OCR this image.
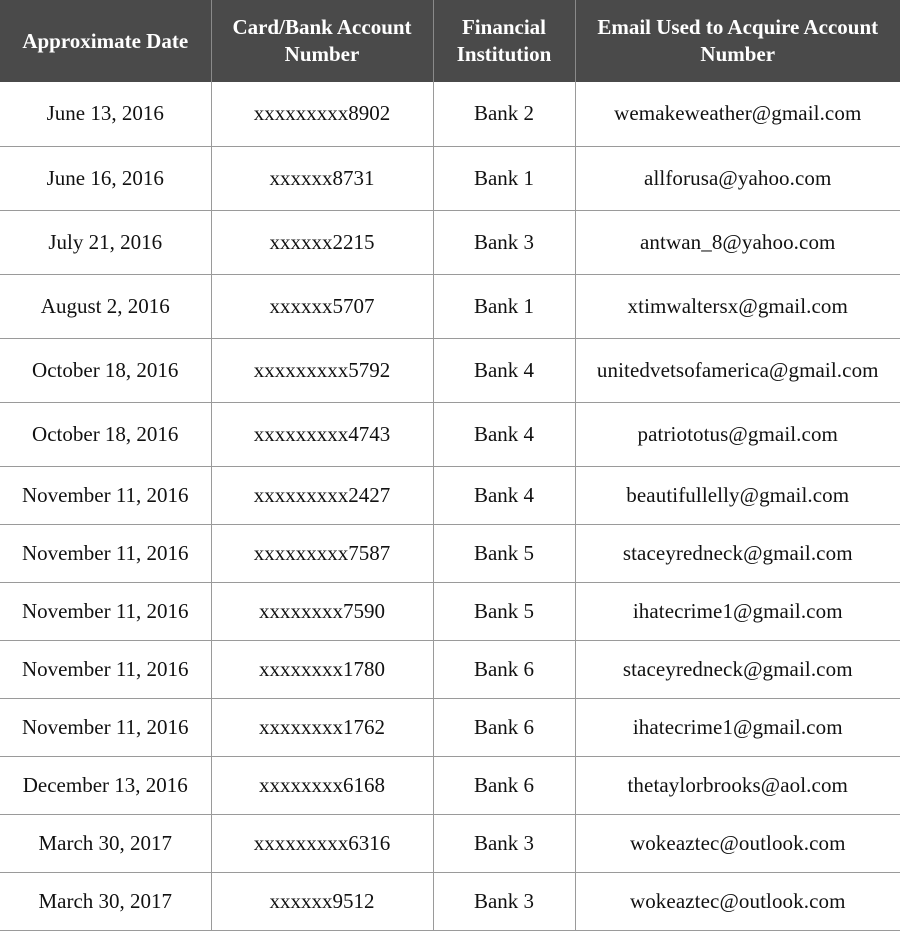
Approximate Date	Card/Bank Account Number	Financial Institution	Email Used to Acquire Account Number
June 13, 2016	xxxxxxxxx8902	Bank 2	wemakeweather@gmail.com
June 16, 2016	xxxxxx8731	Bank 1	allforusa@yahoo.com
July 21, 2016	xxxxxx2215	Bank 3	antwan_8@yahoo.com
August 2, 2016	xxxxxx5707	Bank 1	xtimwaltersx@gmail.com
October 18, 2016	xxxxxxxxx5792	Bank 4	unitedvetsofamerica@gmail.com
October 18, 2016	xxxxxxxxx4743	Bank 4	patriototus@gmail.com
November 11, 2016	xxxxxxxxx2427	Bank 4	beautifullelly@gmail.com
November 11, 2016	xxxxxxxxx7587	Bank 5	staceyredneck@gmail.com
November 11, 2016	xxxxxxxx7590	Bank 5	ihatecrime1@gmail.com
November 11, 2016	xxxxxxxx1780	Bank 6	staceyredneck@gmail.com
November 11, 2016	xxxxxxxx1762	Bank 6	ihatecrime1@gmail.com
December 13, 2016	xxxxxxxx6168	Bank 6	thetaylorbrooks@aol.com
March 30, 2017	xxxxxxxxx6316	Bank 3	wokeaztec@outlook.com
March 30, 2017	xxxxxx9512	Bank 3	wokeaztec@outlook.com
